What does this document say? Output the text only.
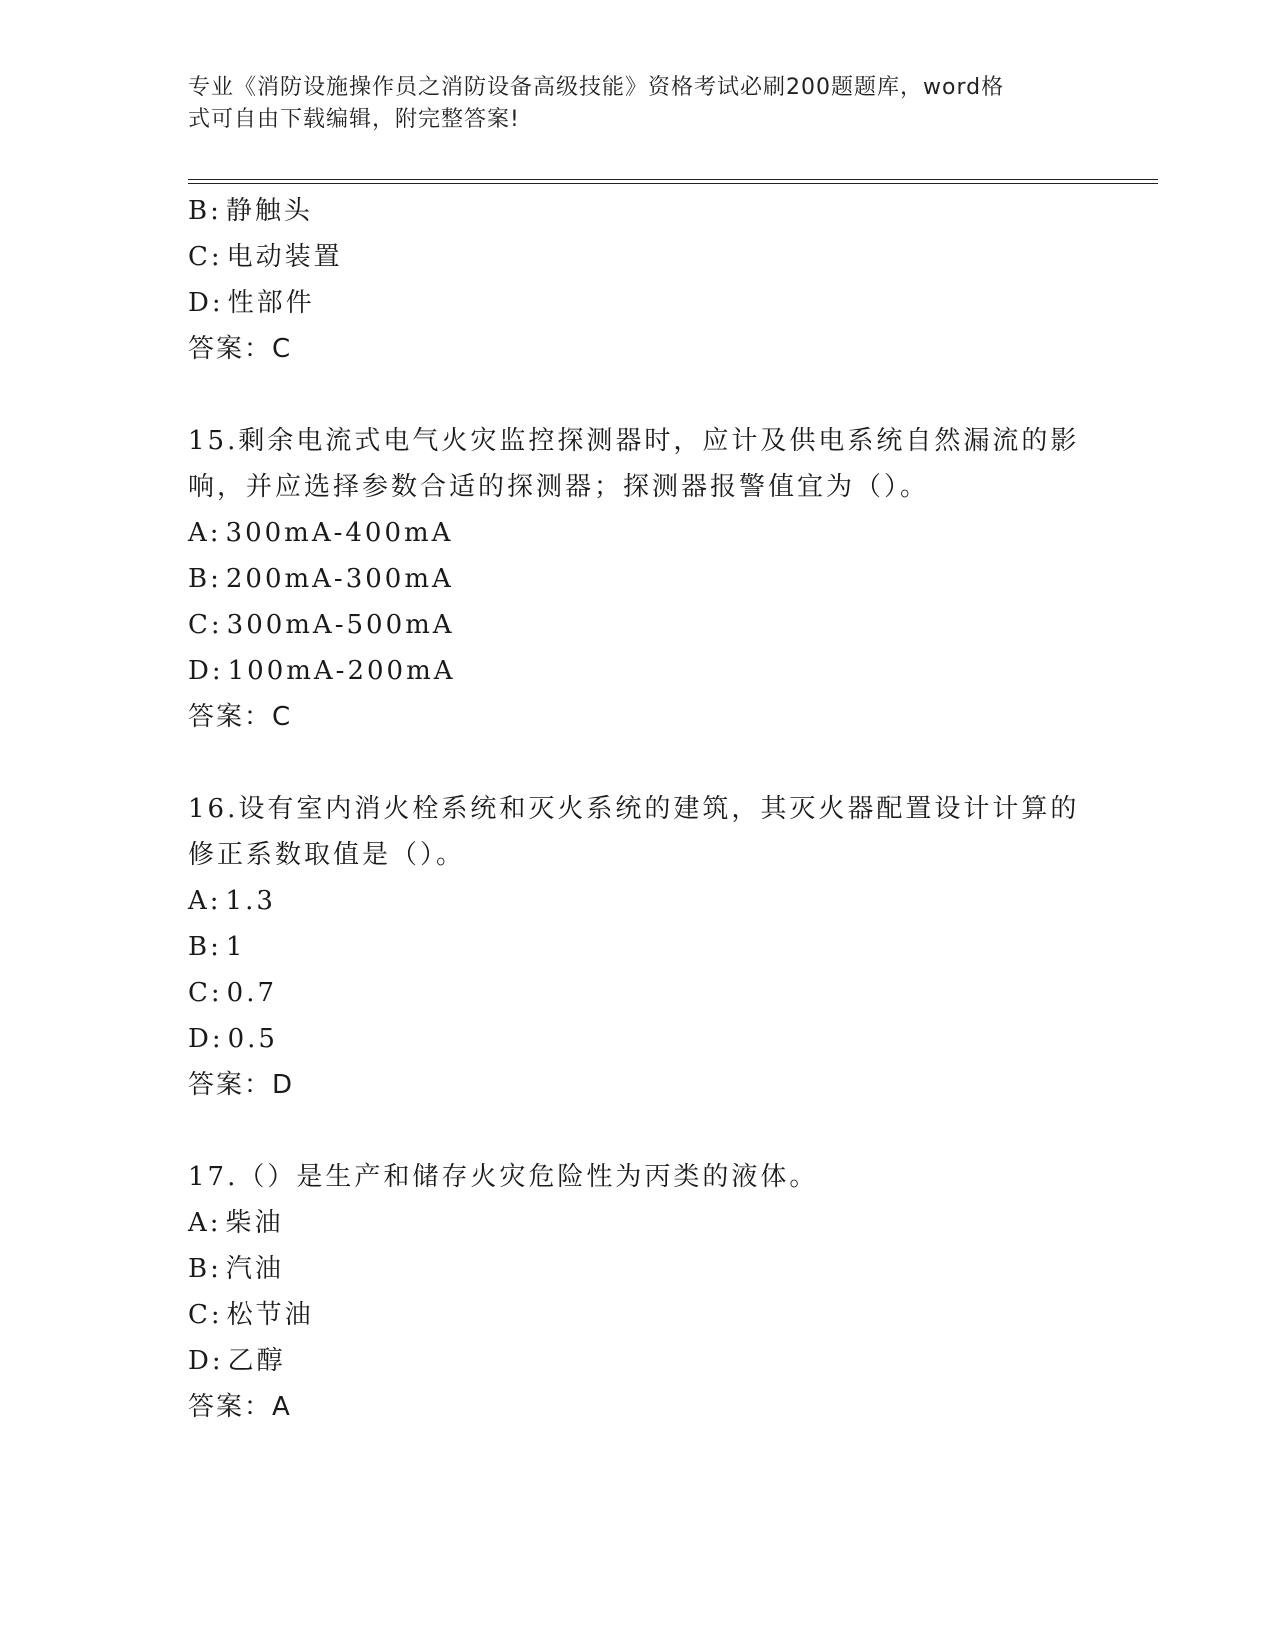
专业《消防设施操作员之消防设备高级技能》资格考试必刷200题题库，word格
式可自由下载编辑，附完整答案!
B: 静触头
C: 电动装置
D: 性部件
答案：C
15.剩余电流式电气火灾监控探测器时，应计及供电系统自然漏流的影
响，并应选择参数合适的探测器；探测器报警值宜为（）。
A: 300mA-400mA
B: 200mA-300mA
C: 300mA-500mA
D: 100mA-200mA
答案：C
16.设有室内消火栓系统和灭火系统的建筑，其灭火器配置设计计算的
修正系数取值是（）。
A: 1.3
B: 1
C: 0.7
D: 0.5
答案：D
17.（）是生产和储存火灾危险性为丙类的液体。
A: 柴油
B: 汽油
C: 松节油
D: 乙醇
答案：A
